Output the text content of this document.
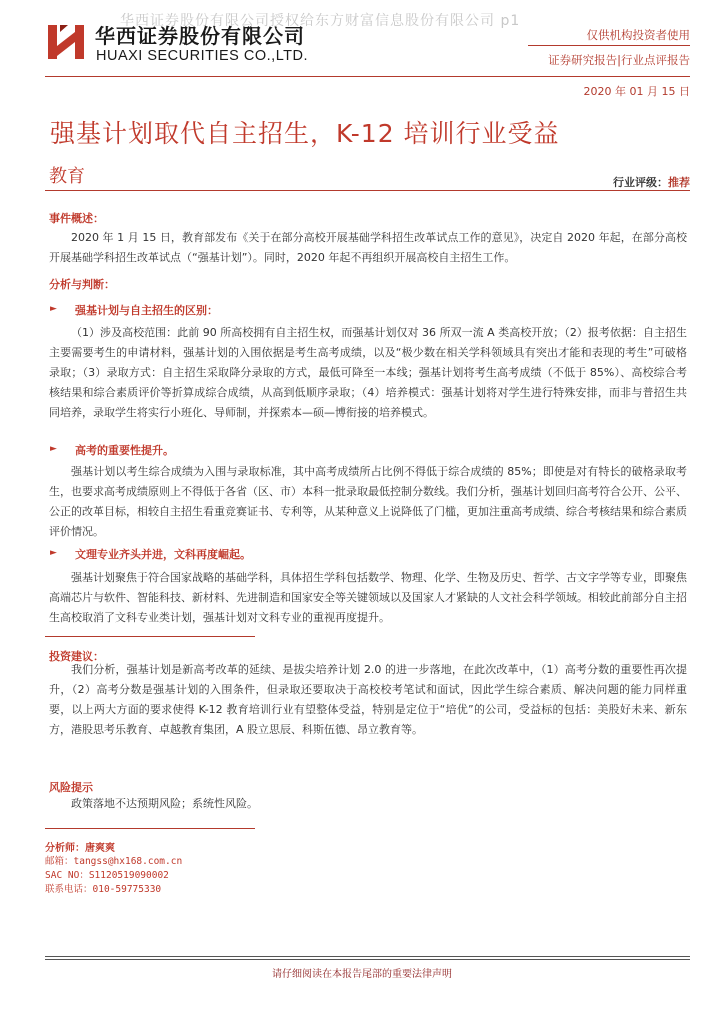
华西证券股份有限公司授权给东方财富信息股份有限公司 p1
华西证券股份有限公司
HUAXI SECURITIES CO.,LTD.
仅供机构投资者使用
证券研究报告|行业点评报告
2020 年 01 月 15 日
强基计划取代自主招生，K-12 培训行业受益
教育	行业评级：推荐
事件概述：

2020 年 1 月 15 日，教育部发布《关于在部分高校开展基础学科招生改革试点工作的意见》，决定自 2020 年起，在部分高校开展基础学科招生改革试点（“强基计划”）。同时，2020 年起不再组织开展高校自主招生工作。

分析与判断：
► 强基计划与自主招生的区别：

（1）涉及高校范围：此前 90 所高校拥有自主招生权，而强基计划仅对 36 所双一流 A 类高校开放；（2）报考依据：自主招生主要需要考生的申请材料，强基计划的入围依据是考生高考成绩，以及“极少数在相关学科领域具有突出才能和表现的考生”可破格录取；（3）录取方式：自主招生采取降分录取的方式，最低可降至一本线；强基计划将考生高考成绩（不低于 85%）、高校综合考核结果和综合素质评价等折算成综合成绩，从高到低顺序录取；（4）培养模式：强基计划将对学生进行特殊安排，而非与普招生共同培养，录取学生将实行小班化、导师制，并探索本—硕—博衔接的培养模式。

► 高考的重要性提升。

强基计划以考生综合成绩为入围与录取标准，其中高考成绩所占比例不得低于综合成绩的 85%；即使是对有特长的破格录取考生，也要求高考成绩原则上不得低于各省（区、市）本科一批录取最低控制分数线。我们分析，强基计划回归高考符合公开、公平、公正的改革目标，相较自主招生看重竞赛证书、专利等，从某种意义上说降低了门槛，更加注重高考成绩、综合考核结果和综合素质评价情况。

► 文理专业齐头并进，文科再度崛起。

强基计划聚焦于符合国家战略的基础学科，具体招生学科包括数学、物理、化学、生物及历史、哲学、古文字学等专业，即聚焦高端芯片与软件、智能科技、新材料、先进制造和国家安全等关键领域以及国家人才紧缺的人文社会科学领域。相较此前部分自主招生高校取消了文科专业类计划，强基计划对文科专业的重视再度提升。

投资建议：

我们分析，强基计划是新高考改革的延续、是拔尖培养计划 2.0 的进一步落地，在此次改革中，（1）高考分数的重要性再次提升，（2）高考分数是强基计划的入围条件，但录取还要取决于高校校考笔试和面试，因此学生综合素质、解决问题的能力同样重要，以上两大方面的要求使得 K-12 教育培训行业有望整体受益，特别是定位于“培优”的公司，受益标的包括：美股好未来、新东方，港股思考乐教育、卓越教育集团，A 股立思辰、科斯伍德、昂立教育等。

风险提示

政策落地不达预期风险；系统性风险。

分析师：唐爽爽
邮箱：tangss@hx168.com.cn
SAC NO：S1120519090002
联系电话：010-59775330
请仔细阅读在本报告尾部的重要法律声明
